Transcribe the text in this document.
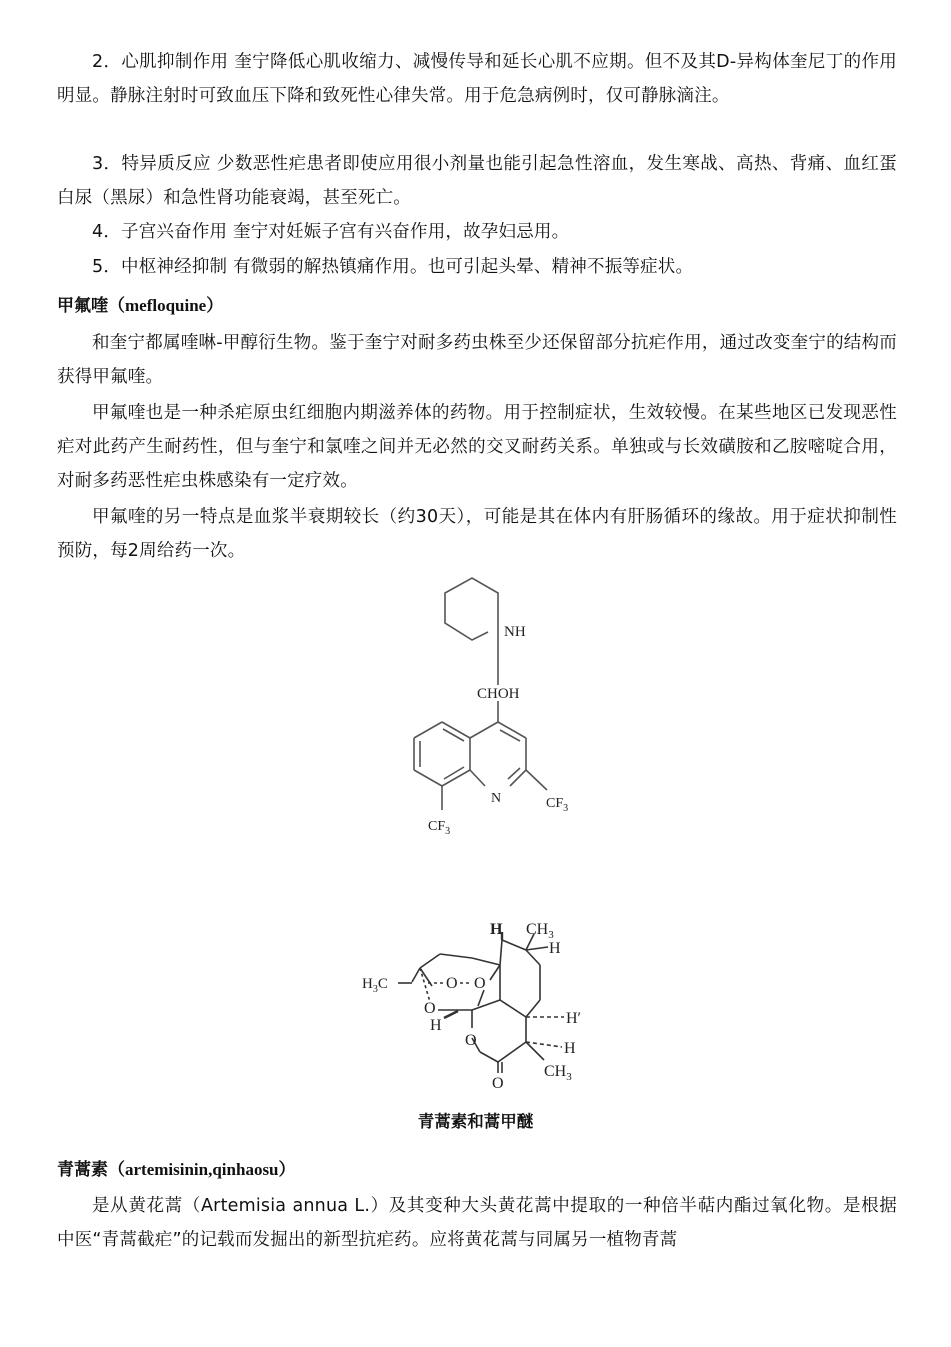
2．心肌抑制作用 奎宁降低心肌收缩力、减慢传导和延长心肌不应期。但不及其D-异构体奎尼丁的作用明显。静脉注射时可致血压下降和致死性心律失常。用于危急病例时，仅可静脉滴注。

3．特异质反应 少数恶性疟患者即使应用很小剂量也能引起急性溶血，发生寒战、高热、背痛、血红蛋白尿（黑尿）和急性肾功能衰竭，甚至死亡。

4．子宫兴奋作用 奎宁对妊娠子宫有兴奋作用，故孕妇忌用。

5．中枢神经抑制 有微弱的解热镇痛作用。也可引起头晕、精神不振等症状。

甲氟喹（mefloquine）

和奎宁都属喹啉-甲醇衍生物。鉴于奎宁对耐多药虫株至少还保留部分抗疟作用，通过改变奎宁的结构而获得甲氟喹。

甲氟喹也是一种杀疟原虫红细胞内期滋养体的药物。用于控制症状，生效较慢。在某些地区已发现恶性疟对此药产生耐药性，但与奎宁和氯喹之间并无必然的交叉耐药关系。单独或与长效磺胺和乙胺嘧啶合用，对耐多药恶性疟虫株感染有一定疗效。

甲氟喹的另一特点是血浆半衰期较长（约30天），可能是其在体内有肝肠循环的缘故。用于症状抑制性预防，每2周给药一次。

NH
CHOH
N	$CF_3$
$CF_3$
H $CH_3$
H
$H_3C$	O O
O
H	H′
O	H
$CH_3$
O
青蒿素和蒿甲醚

青蒿素（artemisinin,qinhaosu）

是从黄花蒿（Artemisia annua L.）及其变种大头黄花蒿中提取的一种倍半萜内酯过氧化物。是根据中医“青蒿截疟”的记载而发掘出的新型抗疟药。应将黄花蒿与同属另一植物青蒿
